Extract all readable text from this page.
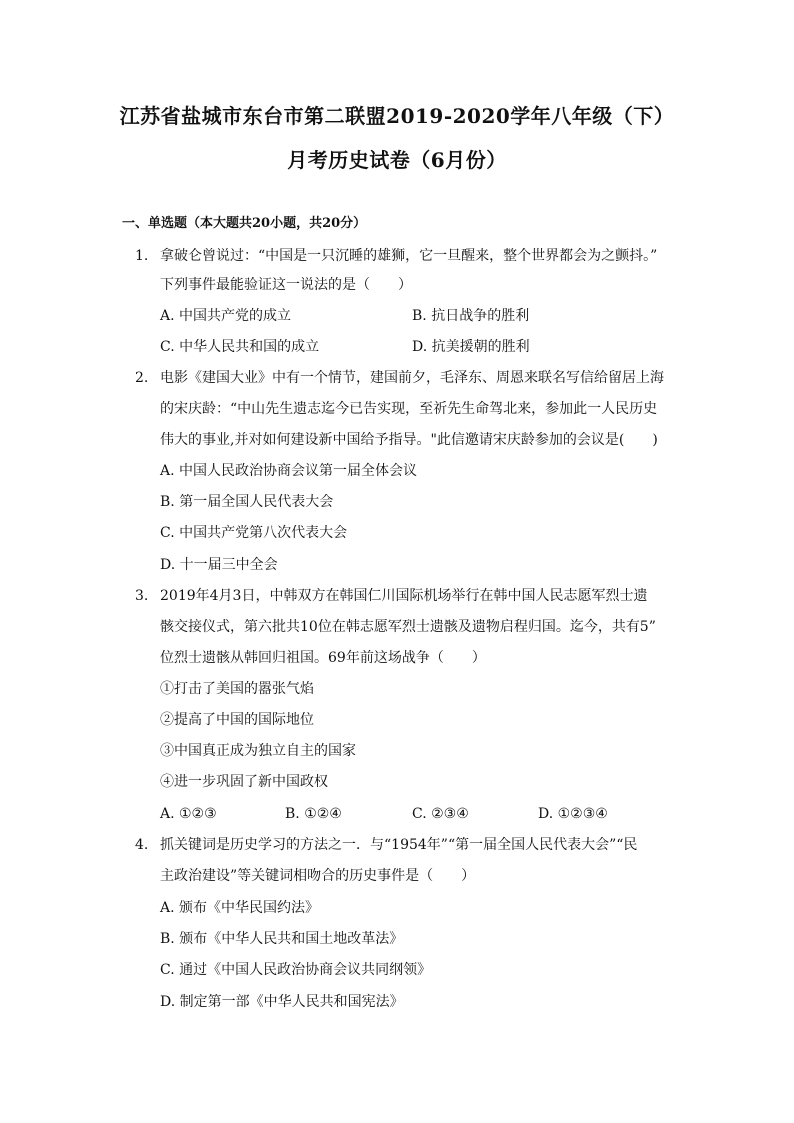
江苏省盐城市东台市第二联盟2019-2020学年八年级（下）
月考历史试卷（6月份）
一、单选题（本大题共20小题，共20分）
1. 拿破仑曾说过：“中国是一只沉睡的雄狮，它一旦醒来，整个世界都会为之颤抖。”
下列事件最能验证这一说法的是（　　）
A. 中国共产党的成立	B. 抗日战争的胜利
C. 中华人民共和国的成立	D. 抗美援朝的胜利
2. 电影《建国大业》中有一个情节，建国前夕，毛泽东、周恩来联名写信给留居上海
的宋庆龄：“中山先生遗志迄今已告实现，至祈先生命驾北来，参加此一人民历史
伟大的事业,并对如何建设新中国给予指导。"此信邀请宋庆龄参加的会议是(　　)
A. 中国人民政治协商会议第一届全体会议
B. 第一届全国人民代表大会
C. 中国共产党第八次代表大会
D. 十一届三中全会
3. 2019年4月3日，中韩双方在韩国仁川国际机场举行在韩中国人民志愿军烈士遗
骸交接仪式，第六批共10位在韩志愿军烈士遗骸及遗物启程归国。迄今，共有5”
位烈士遗骸从韩回归祖国。69年前这场战争（　　）
①打击了美国的嚣张气焰
②提高了中国的国际地位
③中国真正成为独立自主的国家
④进一步巩固了新中国政权
A. ①②③	B. ①②④	C. ②③④	D. ①②③④
4. 抓关键词是历史学习的方法之一．与“1954年”“第一届全国人民代表大会”“民
主政治建设”等关键词相吻合的历史事件是（　　）
A. 颁布《中华民国约法》
B. 颁布《中华人民共和国土地改革法》
C. 通过《中国人民政治协商会议共同纲领》
D. 制定第一部《中华人民共和国宪法》
